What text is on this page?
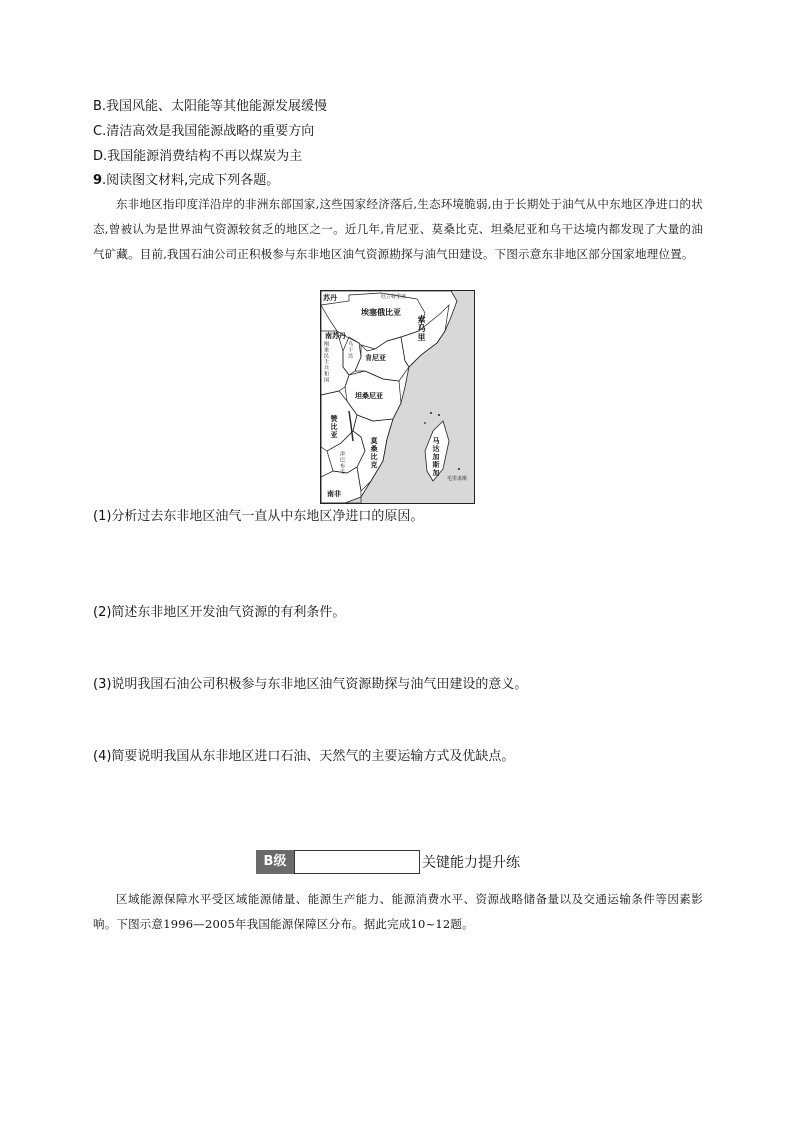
B.我国风能、太阳能等其他能源发展缓慢
C.清洁高效是我国能源战略的重要方向
D.我国能源消费结构不再以煤炭为主
9.阅读图文材料,完成下列各题。
东非地区指印度洋沿岸的非洲东部国家,这些国家经济落后,生态环境脆弱,由于长期处于油气从中东地区净进口的状态,曾被认为是世界油气资源较贫乏的地区之一。近几年,肯尼亚、莫桑比克、坦桑尼亚和乌干达境内都发现了大量的油气矿藏。目前,我国石油公司正积极参与东非地区油气资源勘探与油气田建设。下图示意东非地区部分国家地理位置。
苏丹	厄立特里亚
埃塞俄比亚
索马里
南苏丹
刚果民主共和国	乌干达 肯尼亚
坦桑尼亚
赞比亚
莫桑比克
津巴布韦	马达加斯加
南非
毛里求斯
(1)分析过去东非地区油气一直从中东地区净进口的原因。
(2)简述东非地区开发油气资源的有利条件。
(3)说明我国石油公司积极参与东非地区油气资源勘探与油气田建设的意义。
(4)简要说明我国从东非地区进口石油、天然气的主要运输方式及优缺点。
B级	关键能力提升练
区域能源保障水平受区域能源储量、能源生产能力、能源消费水平、资源战略储备量以及交通运输条件等因素影响。下图示意1996—2005年我国能源保障区分布。据此完成10~12题。
